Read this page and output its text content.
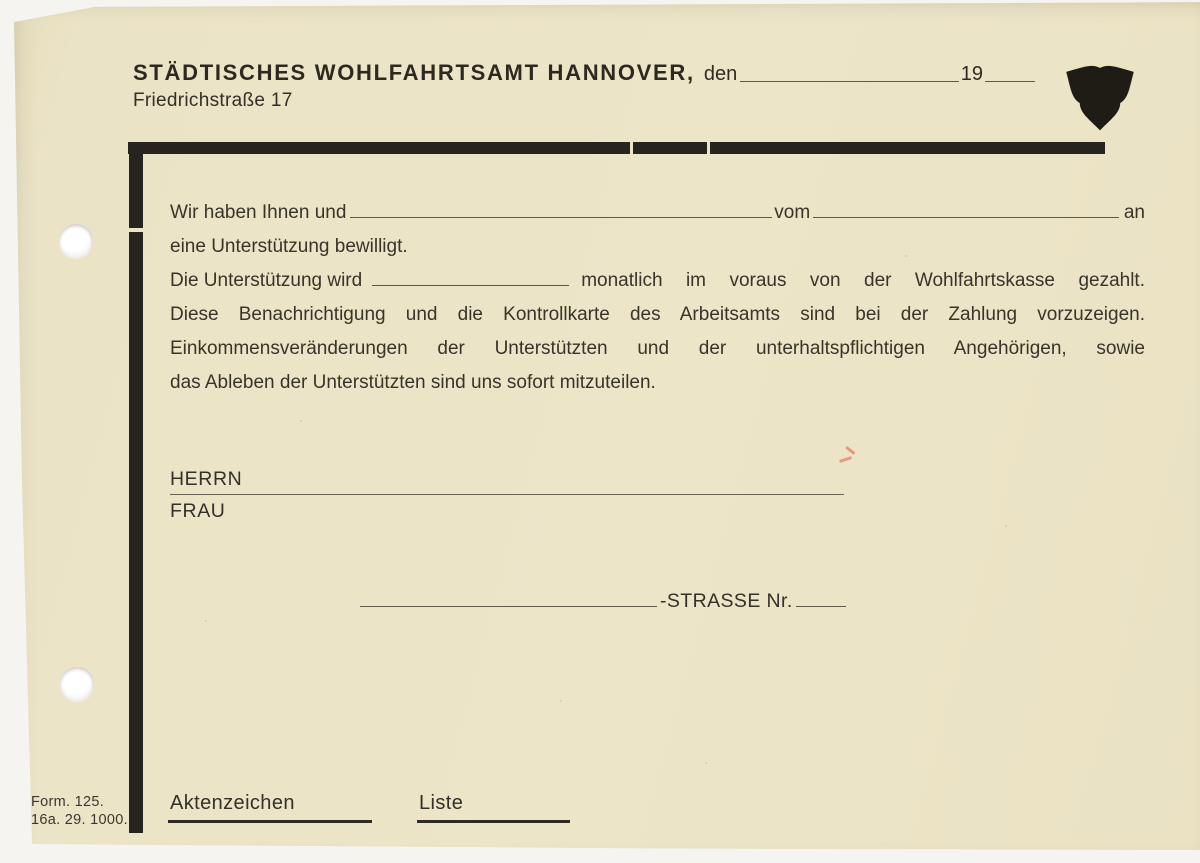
STÄDTISCHES WOHLFAHRTSAMT HANNOVER, den	19
Friedrichstraße 17
Wir haben Ihnen und	vom	an
eine Unterstützung bewilligt.
Die Unterstützung wird	monatlich im voraus von der Wohlfahrtskasse gezahlt.
Diese Benachrichtigung und die Kontrollkarte des Arbeitsamts sind bei der Zahlung vorzuzeigen.
Einkommensveränderungen der Unterstützten und der unterhaltspflichtigen Angehörigen, sowie
das Ableben der Unterstützten sind uns sofort mitzuteilen.
HERRN
FRAU
-STRASSE Nr.
Aktenzeichen	Liste
Form. 125.
16a. 29. 1000.
